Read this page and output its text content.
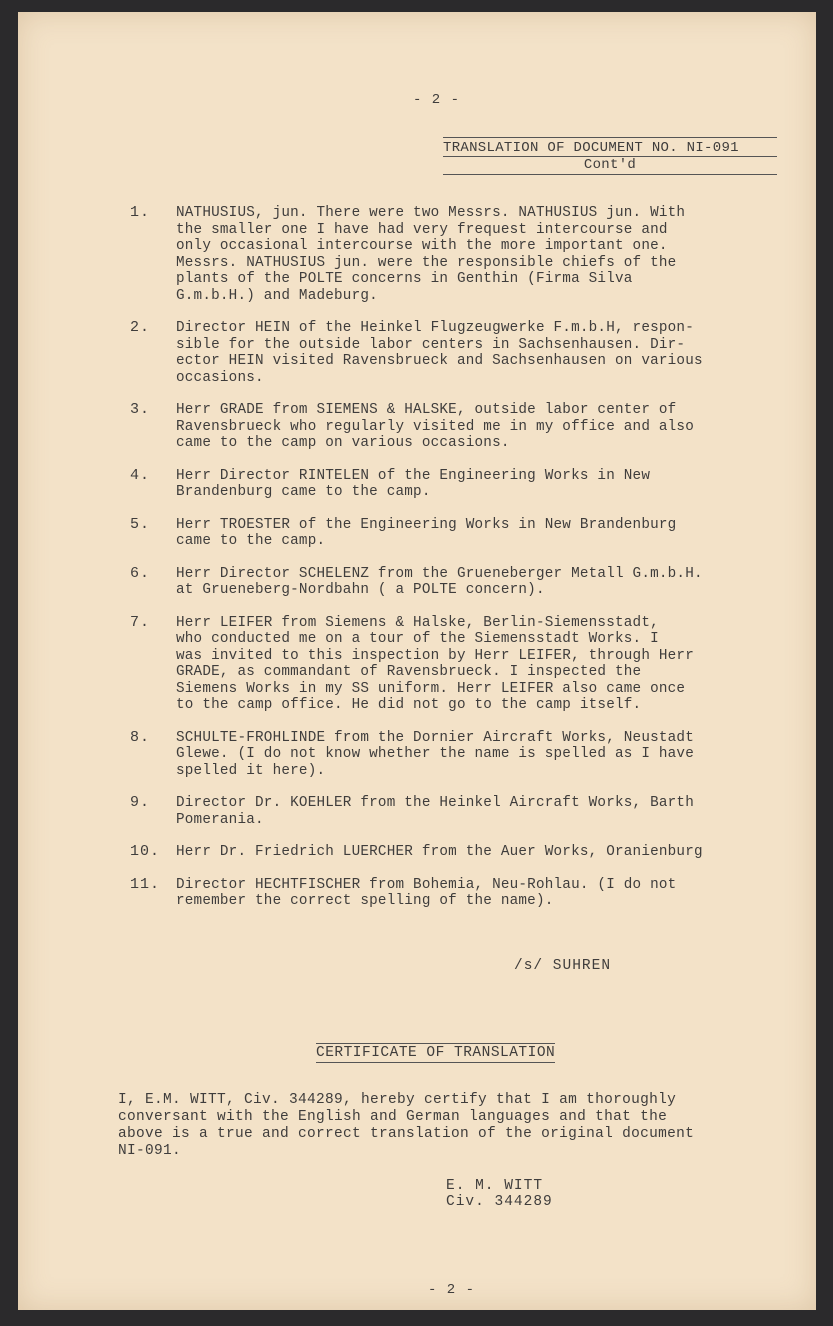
- 2 -
TRANSLATION OF DOCUMENT NO. NI-091
Cont'd
1.	NATHUSIUS, jun. There were two Messrs. NATHUSIUS jun. With
the smaller one I have had very frequest intercourse and
only occasional intercourse with the more important one.
Messrs. NATHUSIUS jun. were the responsible chiefs of the
plants of the POLTE concerns in Genthin (Firma Silva
G.m.b.H.) and Madeburg.
2.	Director HEIN of the Heinkel Flugzeugwerke F.m.b.H, respon-
sible for the outside labor centers in Sachsenhausen. Dir-
ector HEIN visited Ravensbrueck and Sachsenhausen on various
occasions.
3.	Herr GRADE from SIEMENS & HALSKE, outside labor center of
Ravensbrueck who regularly visited me in my office and also
came to the camp on various occasions.
4.	Herr Director RINTELEN of the Engineering Works in New
Brandenburg came to the camp.
5.	Herr TROESTER of the Engineering Works in New Brandenburg
came to the camp.
6.	Herr Director SCHELENZ from the Grueneberger Metall G.m.b.H.
at Grueneberg-Nordbahn ( a POLTE concern).
7.	Herr LEIFER from Siemens & Halske, Berlin-Siemensstadt,
who conducted me on a tour of the Siemensstadt Works. I
was invited to this inspection by Herr LEIFER, through Herr
GRADE, as commandant of Ravensbrueck. I inspected the
Siemens Works in my SS uniform. Herr LEIFER also came once
to the camp office. He did not go to the camp itself.
8.	SCHULTE-FROHLINDE from the Dornier Aircraft Works, Neustadt
Glewe. (I do not know whether the name is spelled as I have
spelled it here).
9.	Director Dr. KOEHLER from the Heinkel Aircraft Works, Barth
Pomerania.
10.	Herr Dr. Friedrich LUERCHER from the Auer Works, Oranienburg
11.	Director HECHTFISCHER from Bohemia, Neu-Rohlau. (I do not
remember the correct spelling of the name).
/s/ SUHREN
CERTIFICATE OF TRANSLATION
I, E.M. WITT, Civ. 344289, hereby certify that I am thoroughly
conversant with the English and German languages and that the
above is a true and correct translation of the original document
NI-091.
E. M. WITT
Civ. 344289
- 2 -
